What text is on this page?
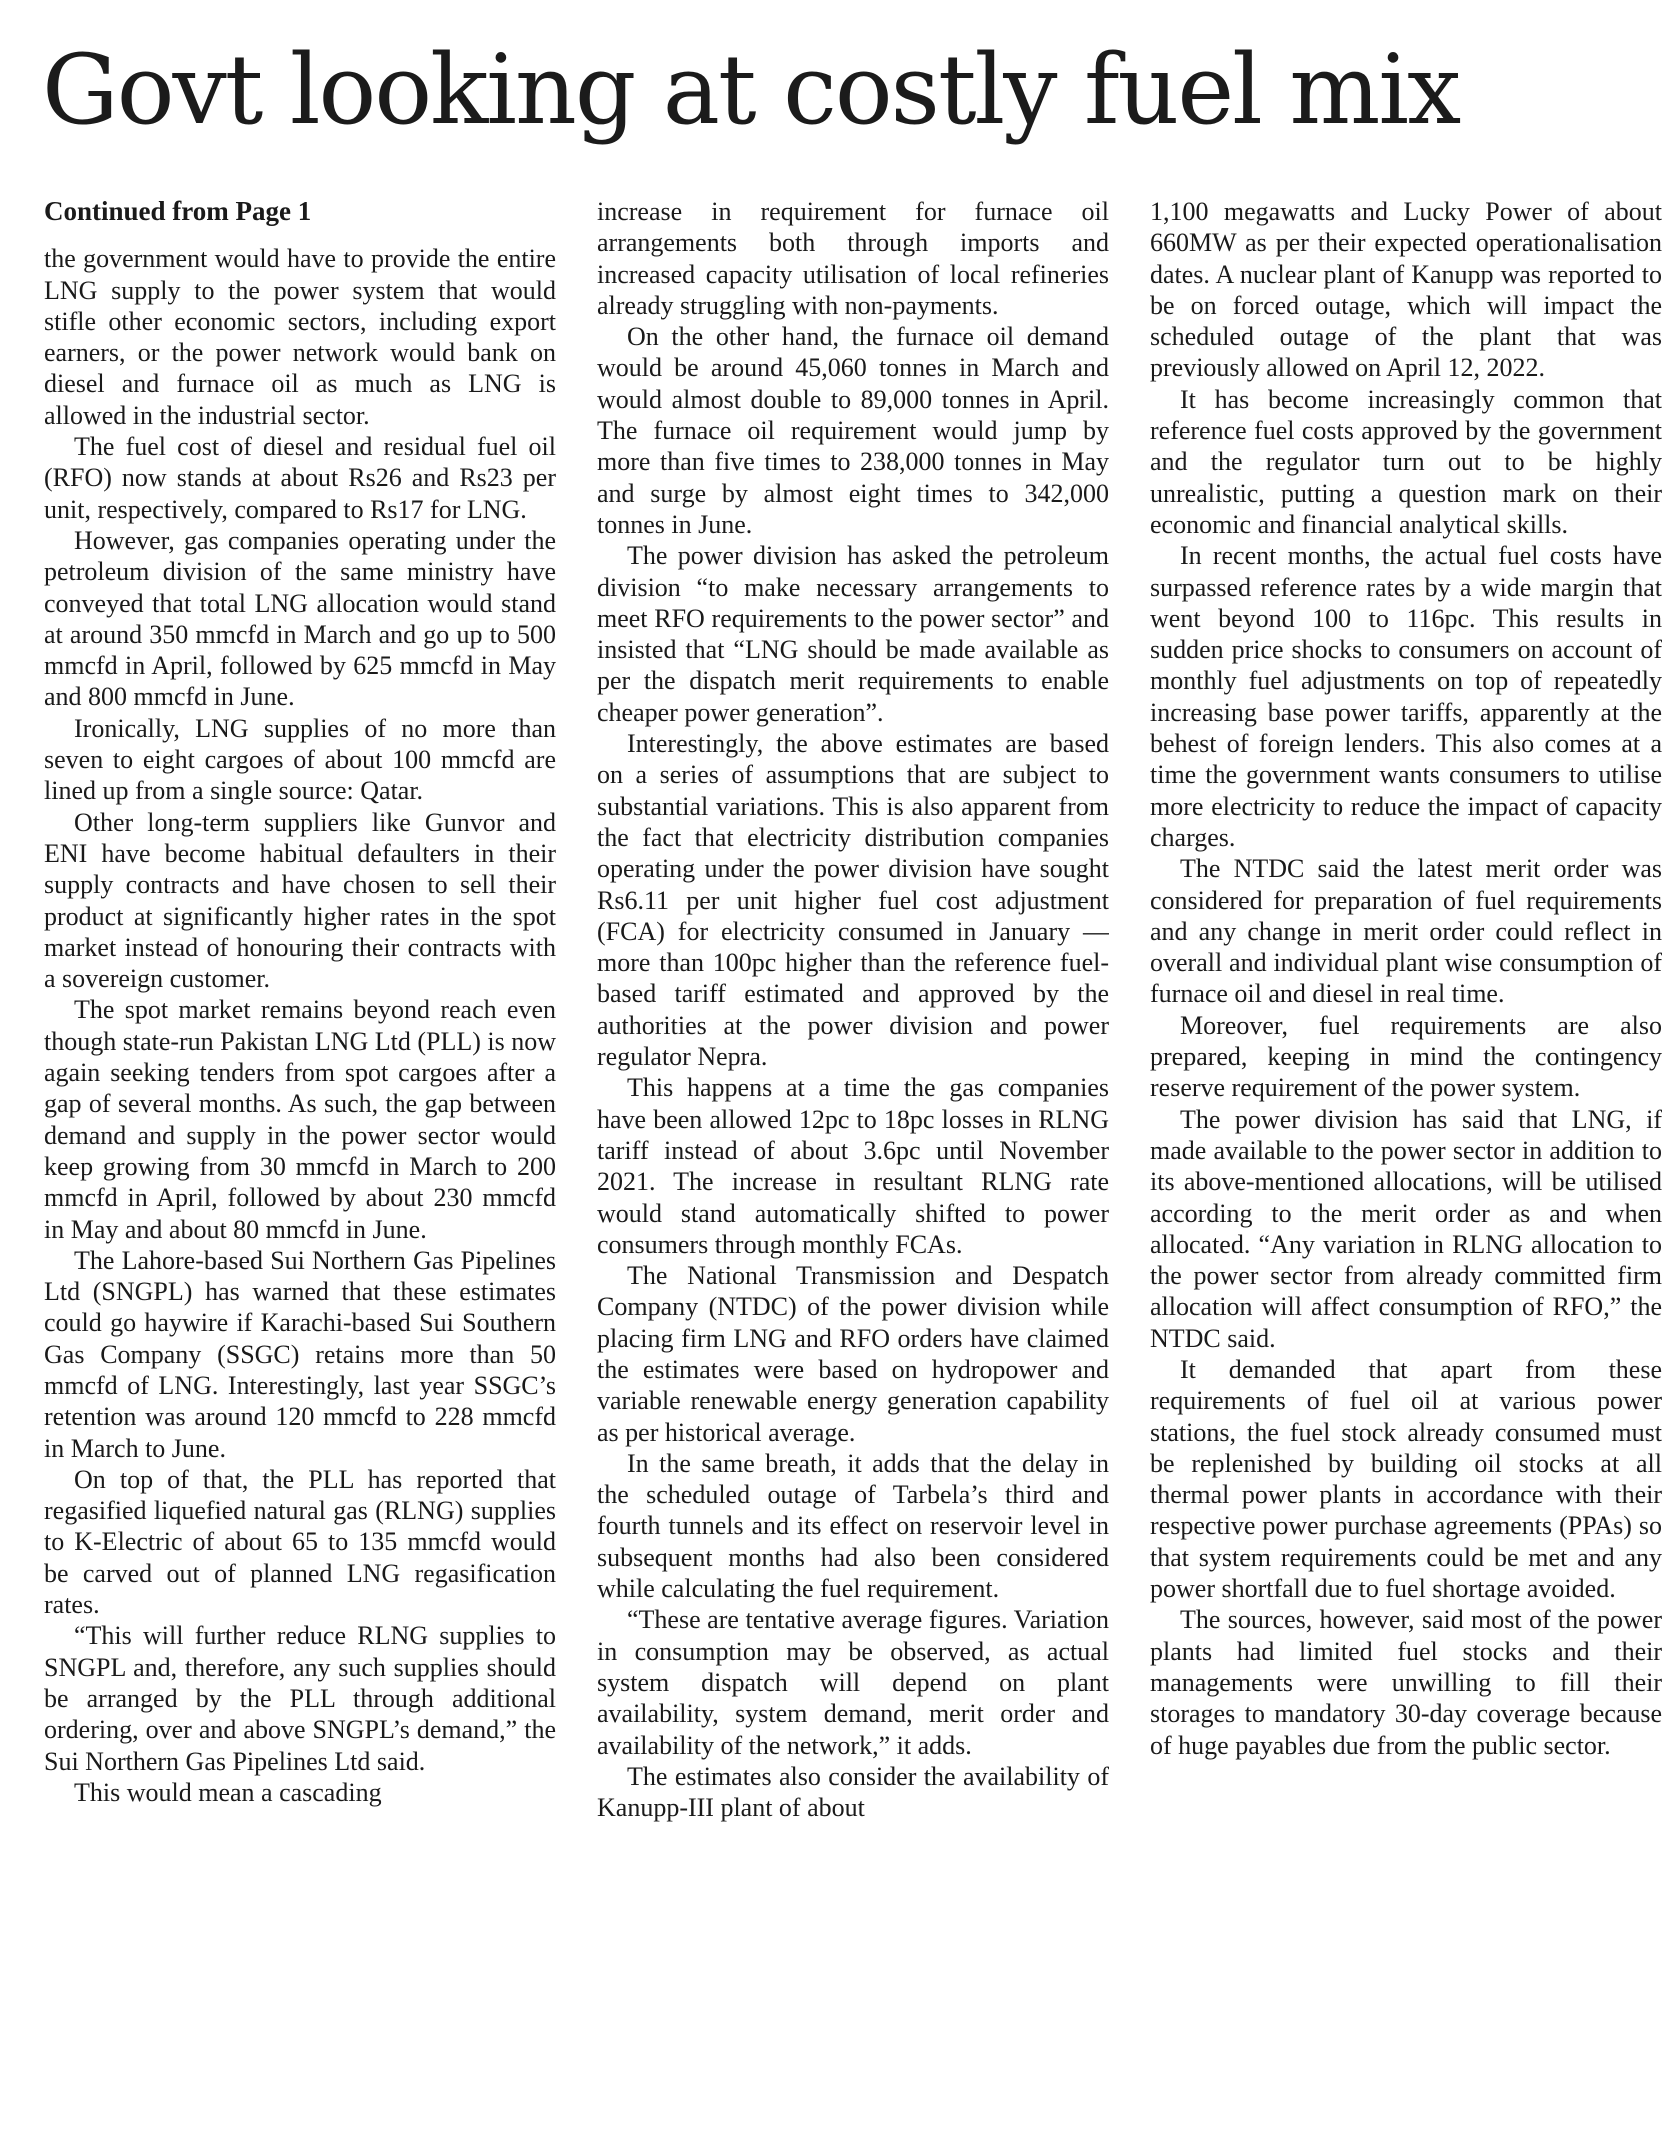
Govt looking at costly fuel mix
Continued from Page 1

the government would have to provide the entire LNG supply to the power system that would stifle other economic sectors, including export earners, or the power network would bank on diesel and furnace oil as much as LNG is allowed in the industrial sector.

The fuel cost of diesel and residual fuel oil (RFO) now stands at about Rs26 and Rs23 per unit, respectively, compared to Rs17 for LNG.

However, gas companies operating under the petroleum division of the same ministry have conveyed that total LNG allocation would stand at around 350 mmcfd in March and go up to 500 mmcfd in April, followed by 625 mmcfd in May and 800 mmcfd in June.

Ironically, LNG supplies of no more than seven to eight cargoes of about 100 mmcfd are lined up from a single source: Qatar.

Other long-term suppliers like Gunvor and ENI have become habitual defaulters in their supply contracts and have chosen to sell their product at significantly higher rates in the spot market instead of honouring their contracts with a sovereign customer.

The spot market remains beyond reach even though state-run Pakistan LNG Ltd (PLL) is now again seeking tenders from spot cargoes after a gap of several months. As such, the gap between demand and supply in the power sector would keep growing from 30 mmcfd in March to 200 mmcfd in April, followed by about 230 mmcfd in May and about 80 mmcfd in June.

The Lahore-based Sui Northern Gas Pipelines Ltd (SNGPL) has warned that these estimates could go haywire if Karachi-based Sui Southern Gas Company (SSGC) retains more than 50 mmcfd of LNG. Interestingly, last year SSGC’s retention was around 120 mmcfd to 228 mmcfd in March to June.

On top of that, the PLL has reported that regasified liquefied natural gas (RLNG) supplies to K-Electric of about 65 to 135 mmcfd would be carved out of planned LNG regasification rates.

“This will further reduce RLNG supplies to SNGPL and, therefore, any such supplies should be arranged by the PLL through additional ordering, over and above SNGPL’s demand,” the Sui Northern Gas Pipelines Ltd said.

This would mean a cascading

increase in requirement for furnace oil arrangements both through imports and increased capacity utilisation of local refineries already struggling with non-payments.

On the other hand, the furnace oil demand would be around 45,060 tonnes in March and would almost double to 89,000 tonnes in April. The furnace oil requirement would jump by more than five times to 238,000 tonnes in May and surge by almost eight times to 342,000 tonnes in June.

The power division has asked the petroleum division “to make necessary arrangements to meet RFO requirements to the power sector” and insisted that “LNG should be made available as per the dispatch merit requirements to enable cheaper power generation”.

Interestingly, the above estimates are based on a series of assumptions that are subject to substantial variations. This is also apparent from the fact that electricity distribution companies operating under the power division have sought Rs6.11 per unit higher fuel cost adjustment (FCA) for electricity consumed in January — more than 100pc higher than the reference fuel-based tariff estimated and approved by the authorities at the power division and power regulator Nepra.

This happens at a time the gas companies have been allowed 12pc to 18pc losses in RLNG tariff instead of about 3.6pc until November 2021. The increase in resultant RLNG rate would stand automatically shifted to power consumers through monthly FCAs.

The National Transmission and Despatch Company (NTDC) of the power division while placing firm LNG and RFO orders have claimed the estimates were based on hydropower and variable renewable energy generation capability as per historical average.

In the same breath, it adds that the delay in the scheduled outage of Tarbela’s third and fourth tunnels and its effect on reservoir level in subsequent months had also been considered while calculating the fuel requirement.

“These are tentative average figures. Variation in consumption may be observed, as actual system dispatch will depend on plant availability, system demand, merit order and availability of the network,” it adds.

The estimates also consider the availability of Kanupp-III plant of about

1,100 megawatts and Lucky Power of about 660MW as per their expected operationalisation dates. A nuclear plant of Kanupp was reported to be on forced outage, which will impact the scheduled outage of the plant that was previously allowed on April 12, 2022.

It has become increasingly common that reference fuel costs approved by the government and the regulator turn out to be highly unrealistic, putting a question mark on their economic and financial analytical skills.

In recent months, the actual fuel costs have surpassed reference rates by a wide margin that went beyond 100 to 116pc. This results in sudden price shocks to consumers on account of monthly fuel adjustments on top of repeatedly increasing base power tariffs, apparently at the behest of foreign lenders. This also comes at a time the government wants consumers to utilise more electricity to reduce the impact of capacity charges.

The NTDC said the latest merit order was considered for preparation of fuel requirements and any change in merit order could reflect in overall and individual plant wise consumption of furnace oil and diesel in real time.

Moreover, fuel requirements are also prepared, keeping in mind the contingency reserve requirement of the power system.

The power division has said that LNG, if made available to the power sector in addition to its above-mentioned allocations, will be utilised according to the merit order as and when allocated. “Any variation in RLNG allocation to the power sector from already committed firm allocation will affect consumption of RFO,” the NTDC said.

It demanded that apart from these requirements of fuel oil at various power stations, the fuel stock already consumed must be replenished by building oil stocks at all thermal power plants in accordance with their respective power purchase agreements (PPAs) so that system requirements could be met and any power shortfall due to fuel shortage avoided.

The sources, however, said most of the power plants had limited fuel stocks and their managements were unwilling to fill their storages to mandatory 30-day coverage because of huge payables due from the public sector.
